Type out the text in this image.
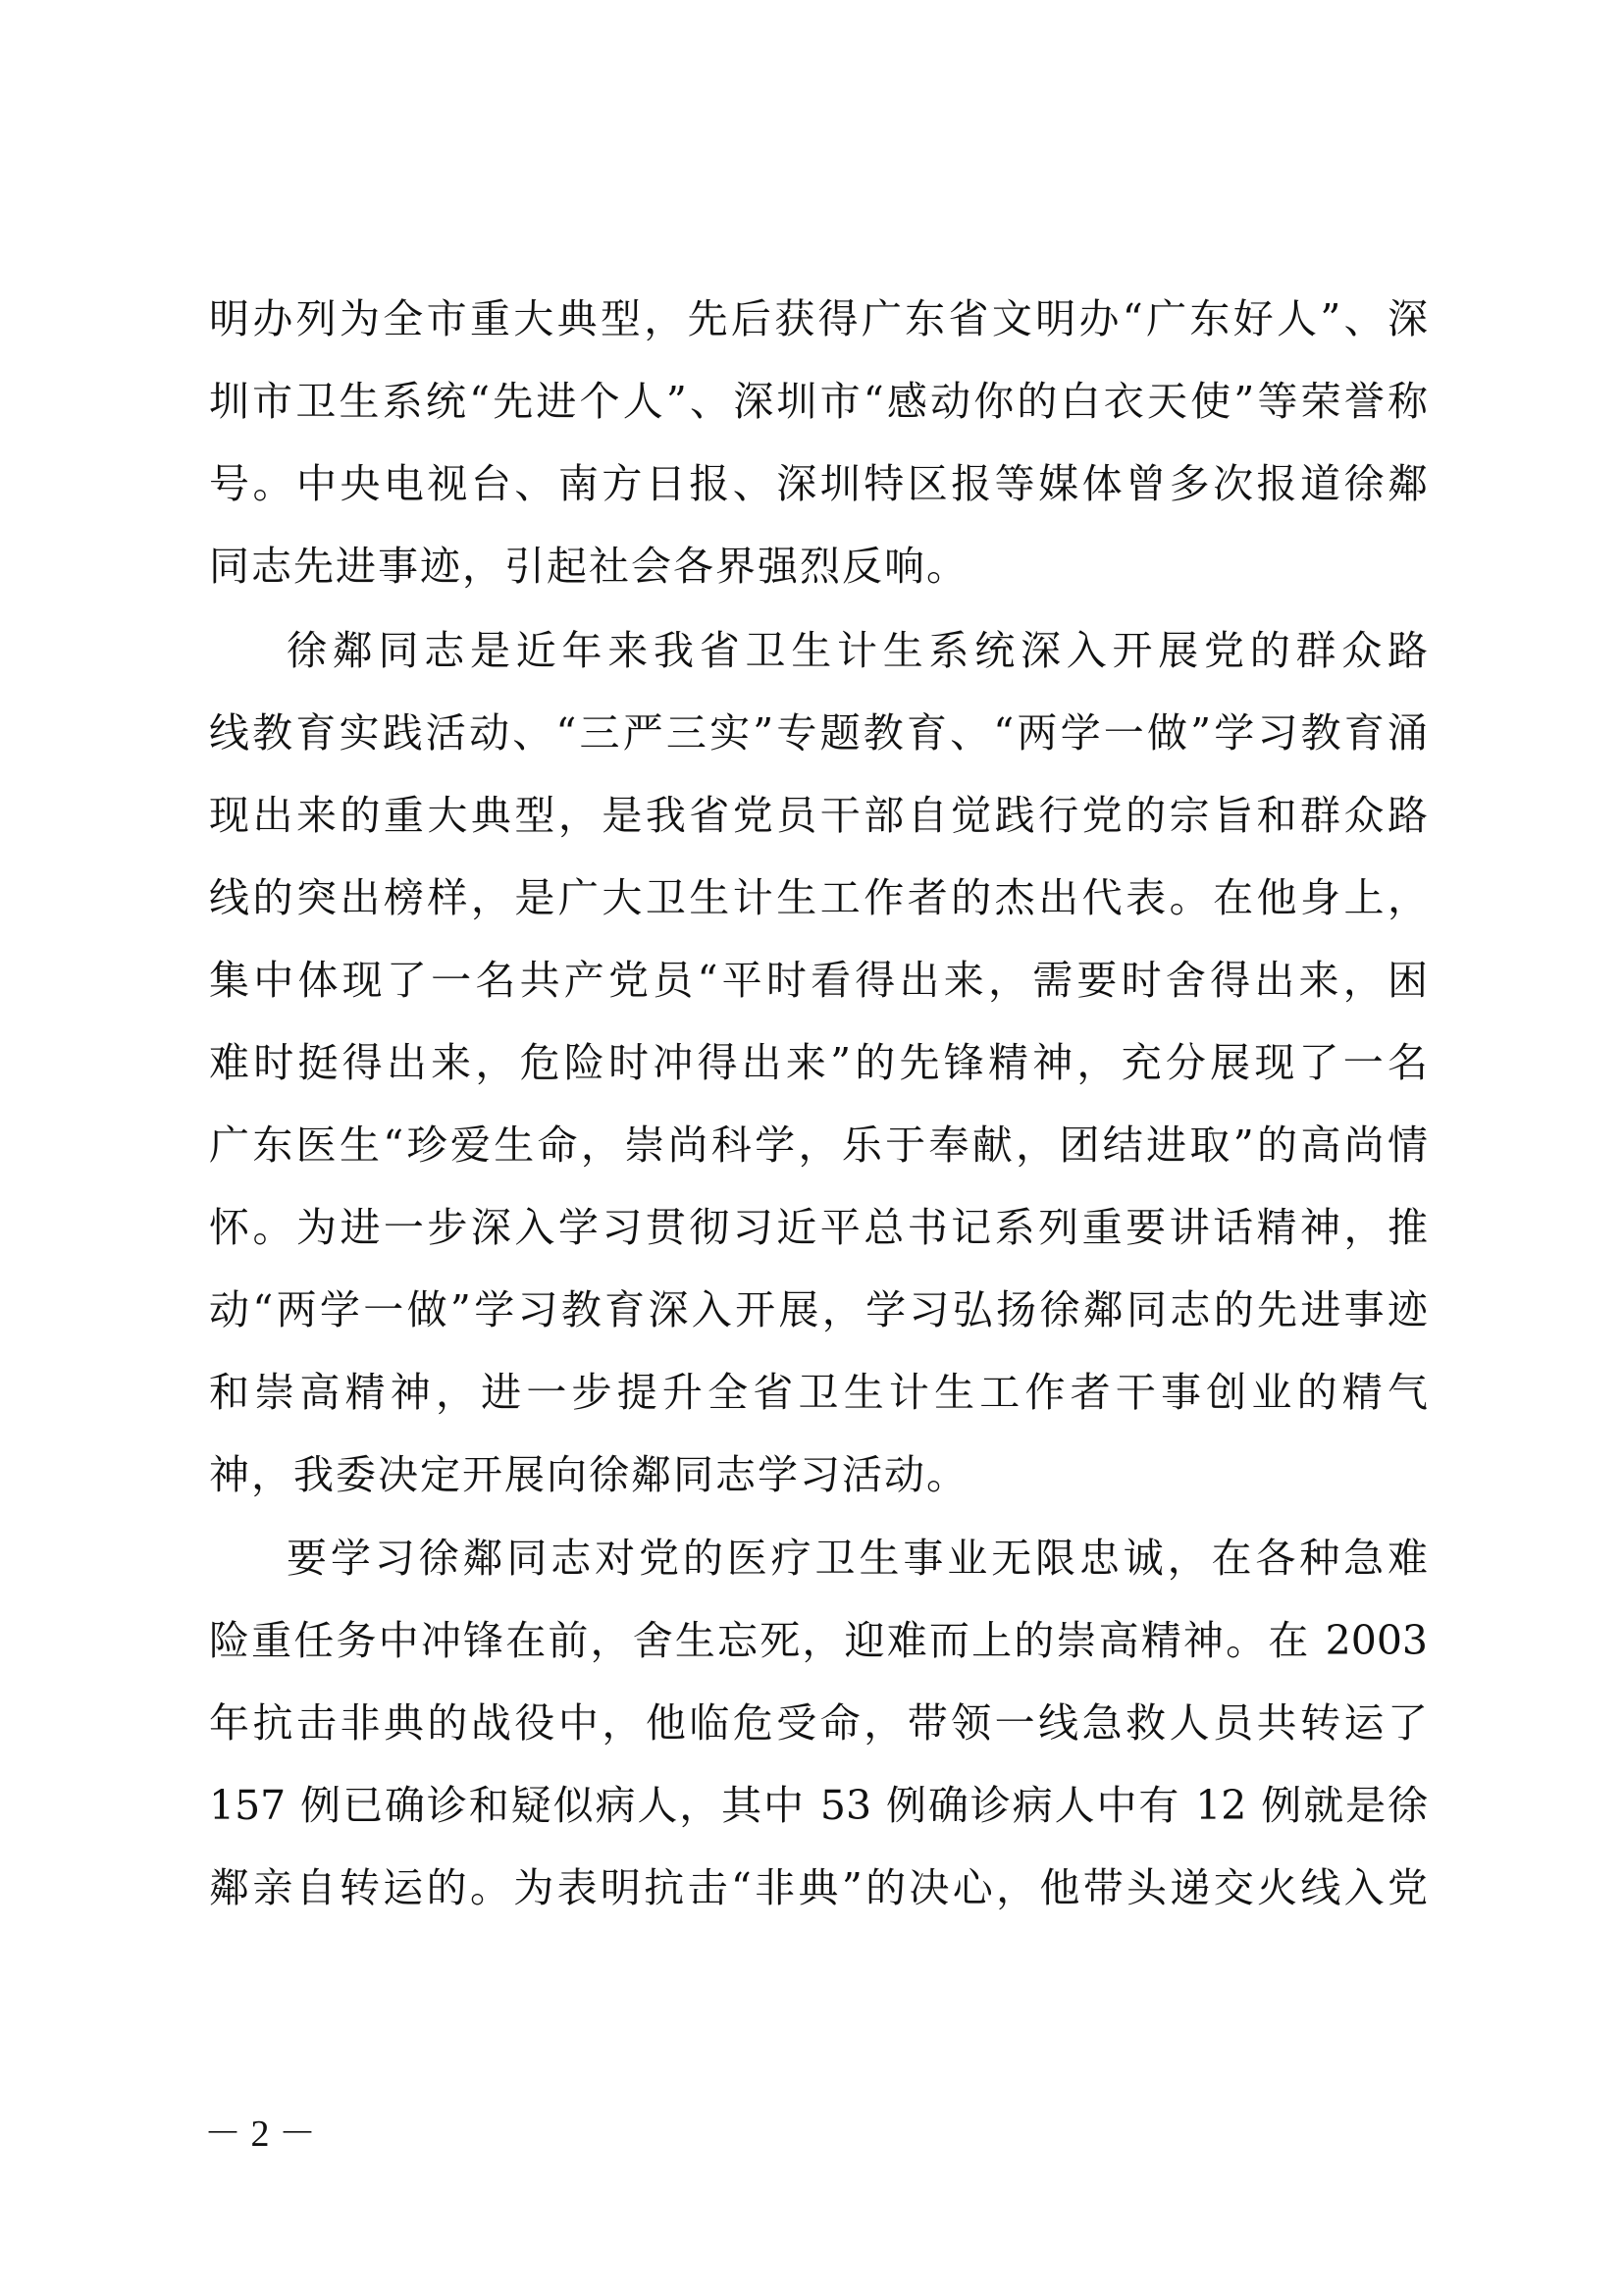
明办列为全市重大典型，先后获得广东省文明办“广东好人”、深
圳市卫生系统“先进个人”、深圳市“感动你的白衣天使”等荣誉称
号。中央电视台、南方日报、深圳特区报等媒体曾多次报道徐鄰
同志先进事迹，引起社会各界强烈反响。
徐鄰同志是近年来我省卫生计生系统深入开展党的群众路
线教育实践活动、“三严三实”专题教育、“两学一做”学习教育涌
现出来的重大典型，是我省党员干部自觉践行党的宗旨和群众路
线的突出榜样，是广大卫生计生工作者的杰出代表。在他身上，
集中体现了一名共产党员“平时看得出来，需要时舍得出来，困
难时挺得出来，危险时冲得出来”的先锋精神，充分展现了一名
广东医生“珍爱生命，崇尚科学，乐于奉献，团结进取”的高尚情
怀。为进一步深入学习贯彻习近平总书记系列重要讲话精神，推
动“两学一做”学习教育深入开展，学习弘扬徐鄰同志的先进事迹
和崇高精神，进一步提升全省卫生计生工作者干事创业的精气
神，我委决定开展向徐鄰同志学习活动。
要学习徐鄰同志对党的医疗卫生事业无限忠诚，在各种急难
险重任务中冲锋在前，舍生忘死，迎难而上的崇高精神。在 2003
年抗击非典的战役中，他临危受命，带领一线急救人员共转运了
157 例已确诊和疑似病人，其中 53 例确诊病人中有 12 例就是徐
鄰亲自转运的。为表明抗击“非典”的决心，他带头递交火线入党
－ 2 －
